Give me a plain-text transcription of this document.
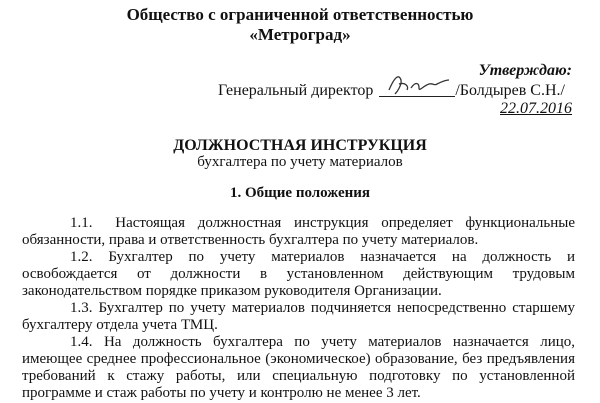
Общество с ограниченной ответственностью
«Метроград»
Утверждаю:
Генеральный директор	/Болдырев С.Н./
22.07.2016
ДОЛЖНОСТНАЯ ИНСТРУКЦИЯ
бухгалтера по учету материалов
1. Общие положения

1.1. Настоящая должностная инструкция определяет функциональные обязанности, права и ответственность бухгалтера по учету материалов.

1.2. Бухгалтер по учету материалов назначается на должность и освобождается от должности в установленном действующим трудовым законодательством порядке приказом руководителя Организации.

1.3. Бухгалтер по учету материалов подчиняется непосредственно старшему бухгалтеру отдела учета ТМЦ.

1.4. На должность бухгалтера по учету материалов назначается лицо, имеющее среднее профессиональное (экономическое) образование, без предъявления требований к стажу работы, или специальную подготовку по установленной программе и стаж работы по учету и контролю не менее 3 лет.
